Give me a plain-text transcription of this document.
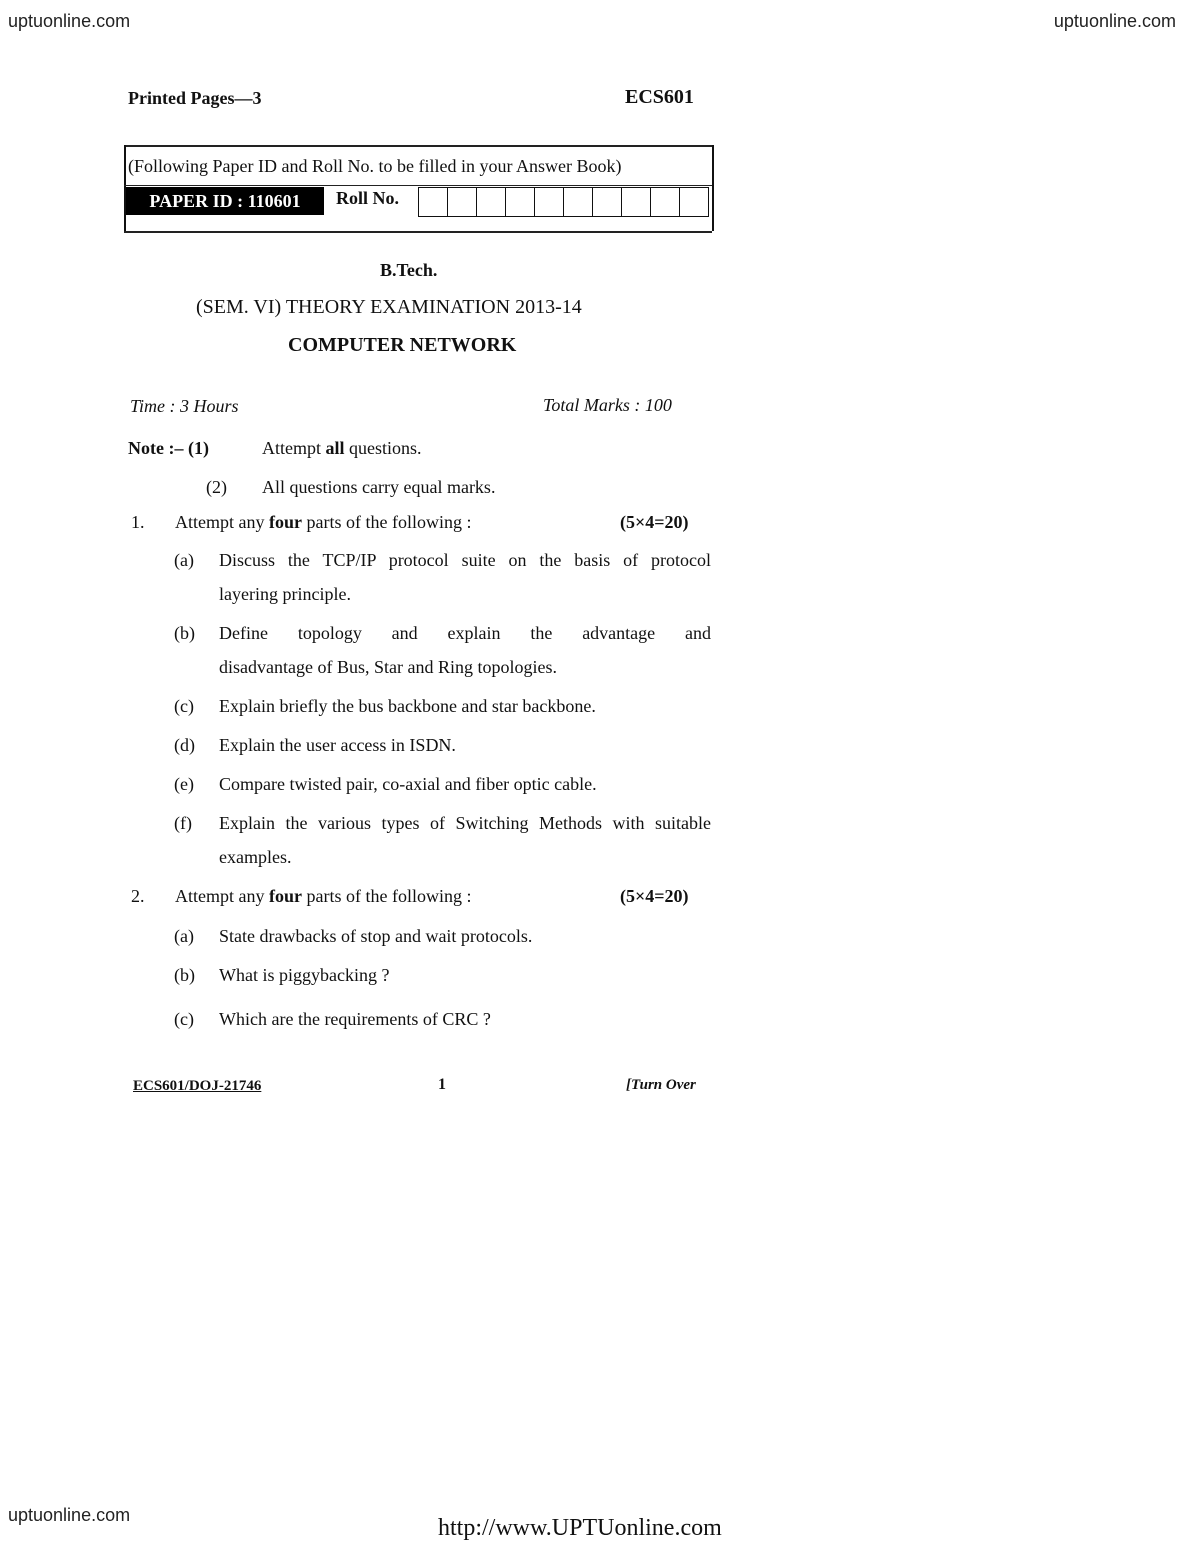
uptuonline.com	uptuonline.com
Printed Pages—3	ECS601
(Following Paper ID and Roll No. to be filled in your Answer Book)
PAPER ID : 110601	Roll No.
B.Tech.
(SEM. VI) THEORY EXAMINATION 2013-14
COMPUTER NETWORK
Time : 3 Hours	Total Marks : 100
Note :– (1)	Attempt all questions.
(2) All questions carry equal marks.
1. Attempt any four parts of the following :	(5×4=20)
(a) Discuss the TCP/IP protocol suite on the basis of protocol
layering principle.
(b) Define topology and explain the advantage and
disadvantage of Bus, Star and Ring topologies.
(c) Explain briefly the bus backbone and star backbone.
(d) Explain the user access in ISDN.
(e) Compare twisted pair, co-axial and fiber optic cable.
(f) Explain the various types of Switching Methods with suitable
examples.
2. Attempt any four parts of the following :	(5×4=20)
(a) State drawbacks of stop and wait protocols.
(b) What is piggybacking ?
(c) Which are the requirements of CRC ?
ECS601/DOJ-21746	1	[Turn Over
uptuonline.com	http://www.UPTUonline.com
